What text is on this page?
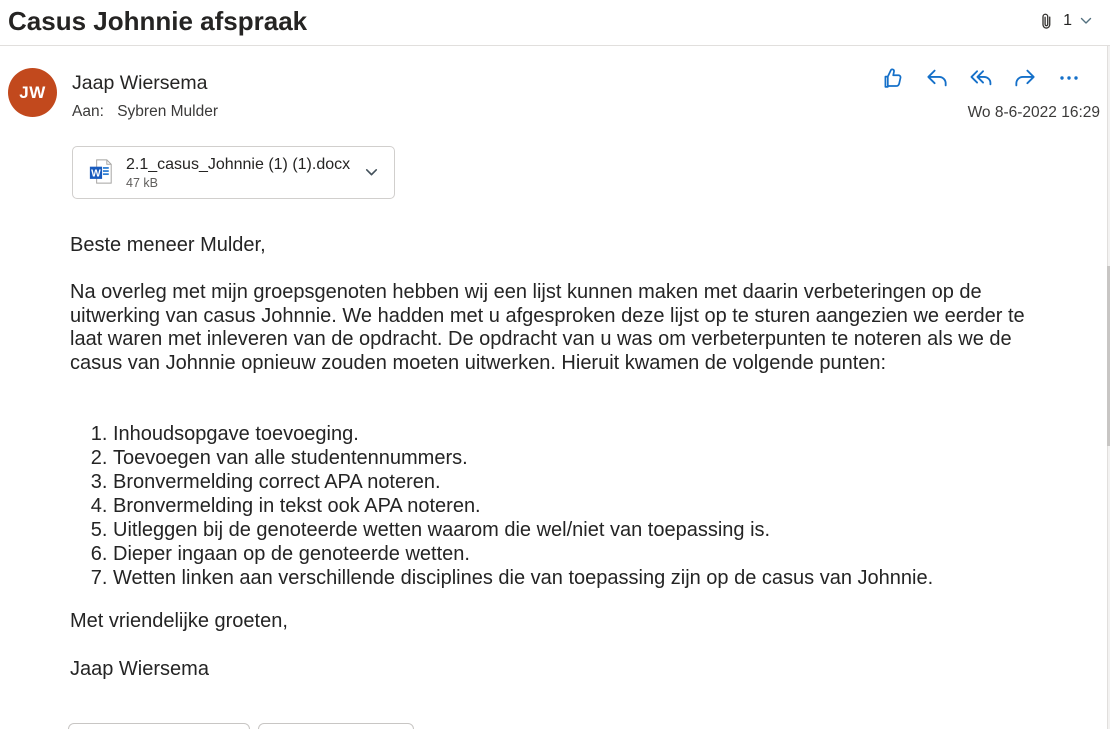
Casus Johnnie afspraak	1
JW Jaap Wiersema
Aan: Sybren Mulder	Wo 8-6-2022 16:29
W
2.1_casus_Johnnie (1) (1).docx
47 kB
Beste meneer Mulder,
Na overleg met mijn groepsgenoten hebben wij een lijst kunnen maken met daarin verbeteringen op de uitwerking van casus Johnnie. We hadden met u afgesproken deze lijst op te sturen aangezien we eerder te laat waren met inleveren van de opdracht. De opdracht van u was om verbeterpunten te noteren als we de casus van Johnnie opnieuw zouden moeten uitwerken. Hieruit kwamen de volgende punten:
1. Inhoudsopgave toevoeging.
2. Toevoegen van alle studentennummers.
3. Bronvermelding correct APA noteren.
4. Bronvermelding in tekst ook APA noteren.
5. Uitleggen bij de genoteerde wetten waarom die wel/niet van toepassing is.
6. Dieper ingaan op de genoteerde wetten.
7. Wetten linken aan verschillende disciplines die van toepassing zijn op de casus van Johnnie.
Met vriendelijke groeten,
Jaap Wiersema
